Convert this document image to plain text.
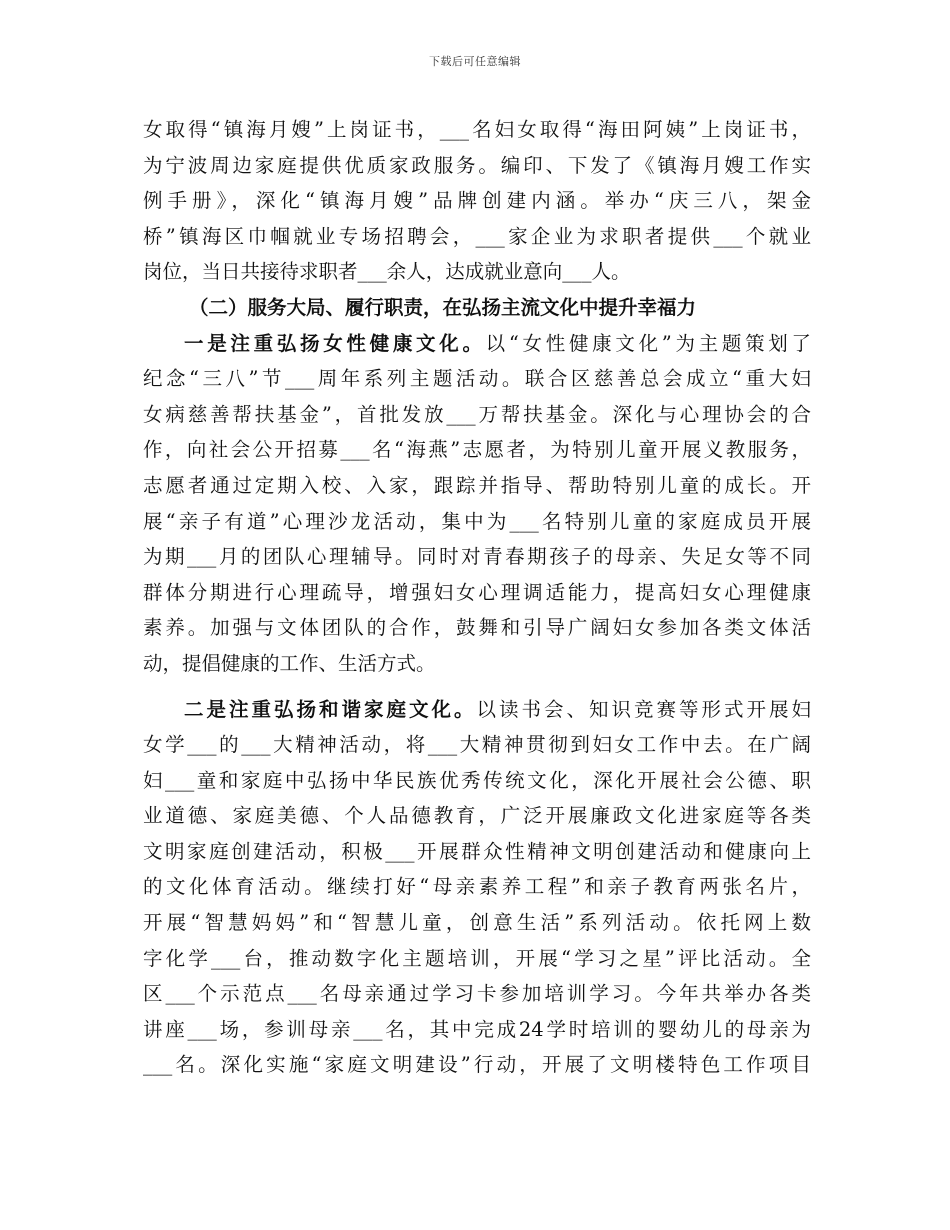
下载后可任意编辑
女取得“镇海月嫂”上岗证书，___名妇女取得“海田阿姨”上岗证书，
为宁波周边家庭提供优质家政服务。编印、下发了《镇海月嫂工作实
例手册》，深化“镇海月嫂”品牌创建内涵。举办“庆三八，架金
桥”镇海区巾帼就业专场招聘会，___家企业为求职者提供___个就业
岗位，当日共接待求职者___余人，达成就业意向___人。
（二）服务大局、履行职责，在弘扬主流文化中提升幸福力
一是注重弘扬女性健康文化。以“女性健康文化”为主题策划了
纪念“三八”节___周年系列主题活动。联合区慈善总会成立“重大妇
女病慈善帮扶基金”，首批发放___万帮扶基金。深化与心理协会的合
作，向社会公开招募___名“海燕”志愿者，为特别儿童开展义教服务，
志愿者通过定期入校、入家，跟踪并指导、帮助特别儿童的成长。开
展“亲子有道”心理沙龙活动，集中为___名特别儿童的家庭成员开展
为期___月的团队心理辅导。同时对青春期孩子的母亲、失足女等不同
群体分期进行心理疏导，增强妇女心理调适能力，提高妇女心理健康
素养。加强与文体团队的合作，鼓舞和引导广阔妇女参加各类文体活
动，提倡健康的工作、生活方式。
二是注重弘扬和谐家庭文化。以读书会、知识竞赛等形式开展妇
女学___的___大精神活动，将___大精神贯彻到妇女工作中去。在广阔
妇___童和家庭中弘扬中华民族优秀传统文化，深化开展社会公德、职
业道德、家庭美德、个人品德教育，广泛开展廉政文化进家庭等各类
文明家庭创建活动，积极___开展群众性精神文明创建活动和健康向上
的文化体育活动。继续打好“母亲素养工程”和亲子教育两张名片，
开展“智慧妈妈”和“智慧儿童，创意生活”系列活动。依托网上数
字化学___台，推动数字化主题培训，开展“学习之星”评比活动。全
区___个示范点___名母亲通过学习卡参加培训学习。今年共举办各类
讲座___场，参训母亲___名，其中完成24学时培训的婴幼儿的母亲为
___名。深化实施“家庭文明建设”行动，开展了文明楼特色工作项目
